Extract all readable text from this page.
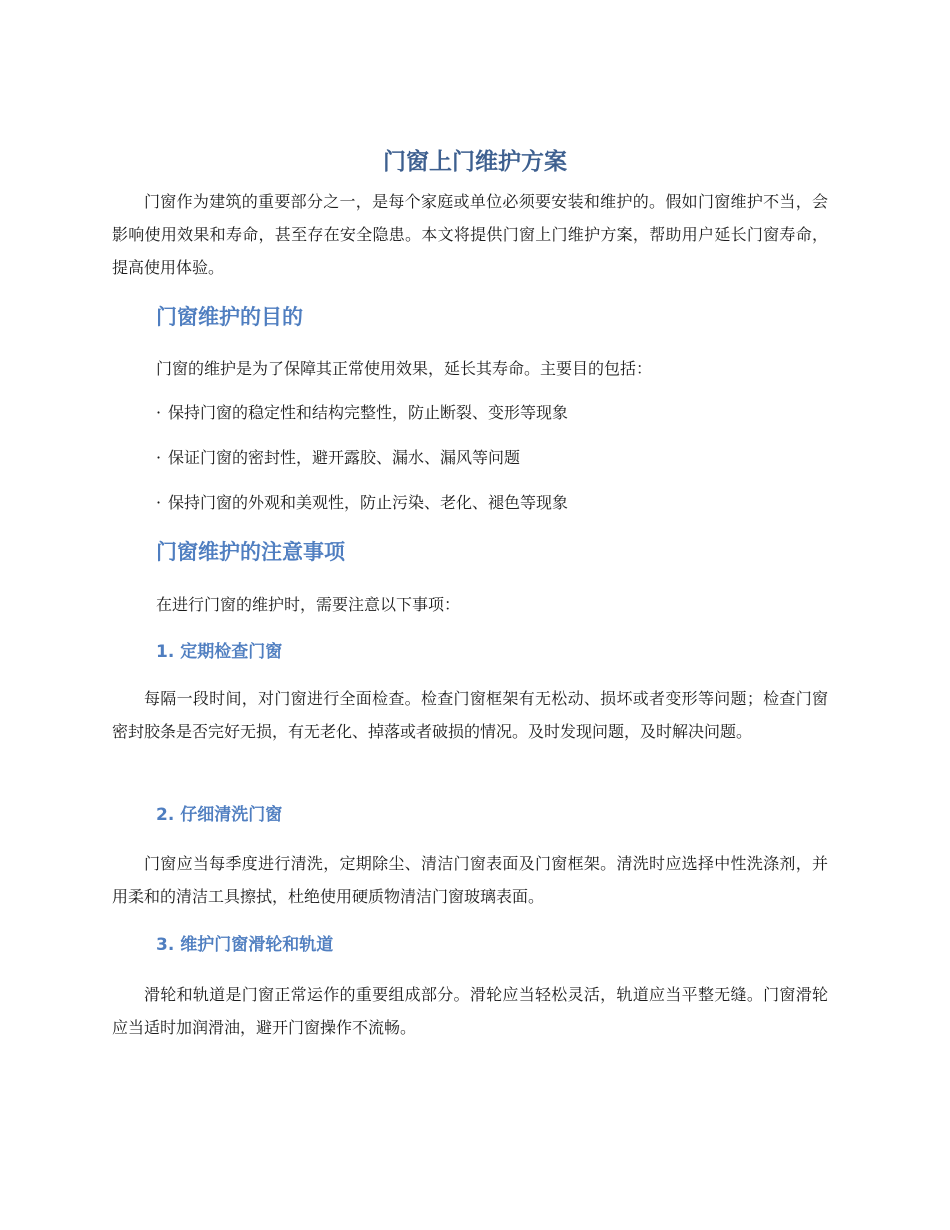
门窗上门维护方案

门窗作为建筑的重要部分之一，是每个家庭或单位必须要安装和维护的。假如门窗维护不当，会影响使用效果和寿命，甚至存在安全隐患。本文将提供门窗上门维护方案，帮助用户延长门窗寿命，提高使用体验。

门窗维护的目的

门窗的维护是为了保障其正常使用效果，延长其寿命。主要目的包括：

· 保持门窗的稳定性和结构完整性，防止断裂、变形等现象

· 保证门窗的密封性，避开露胶、漏水、漏风等问题

· 保持门窗的外观和美观性，防止污染、老化、褪色等现象

门窗维护的注意事项

在进行门窗的维护时，需要注意以下事项：

1. 定期检查门窗

每隔一段时间，对门窗进行全面检查。检查门窗框架有无松动、损坏或者变形等问题；检查门窗密封胶条是否完好无损，有无老化、掉落或者破损的情况。及时发现问题，及时解决问题。

2. 仔细清洗门窗

门窗应当每季度进行清洗，定期除尘、清洁门窗表面及门窗框架。清洗时应选择中性洗涤剂，并用柔和的清洁工具擦拭，杜绝使用硬质物清洁门窗玻璃表面。

3. 维护门窗滑轮和轨道

滑轮和轨道是门窗正常运作的重要组成部分。滑轮应当轻松灵活，轨道应当平整无缝。门窗滑轮应当适时加润滑油，避开门窗操作不流畅。
